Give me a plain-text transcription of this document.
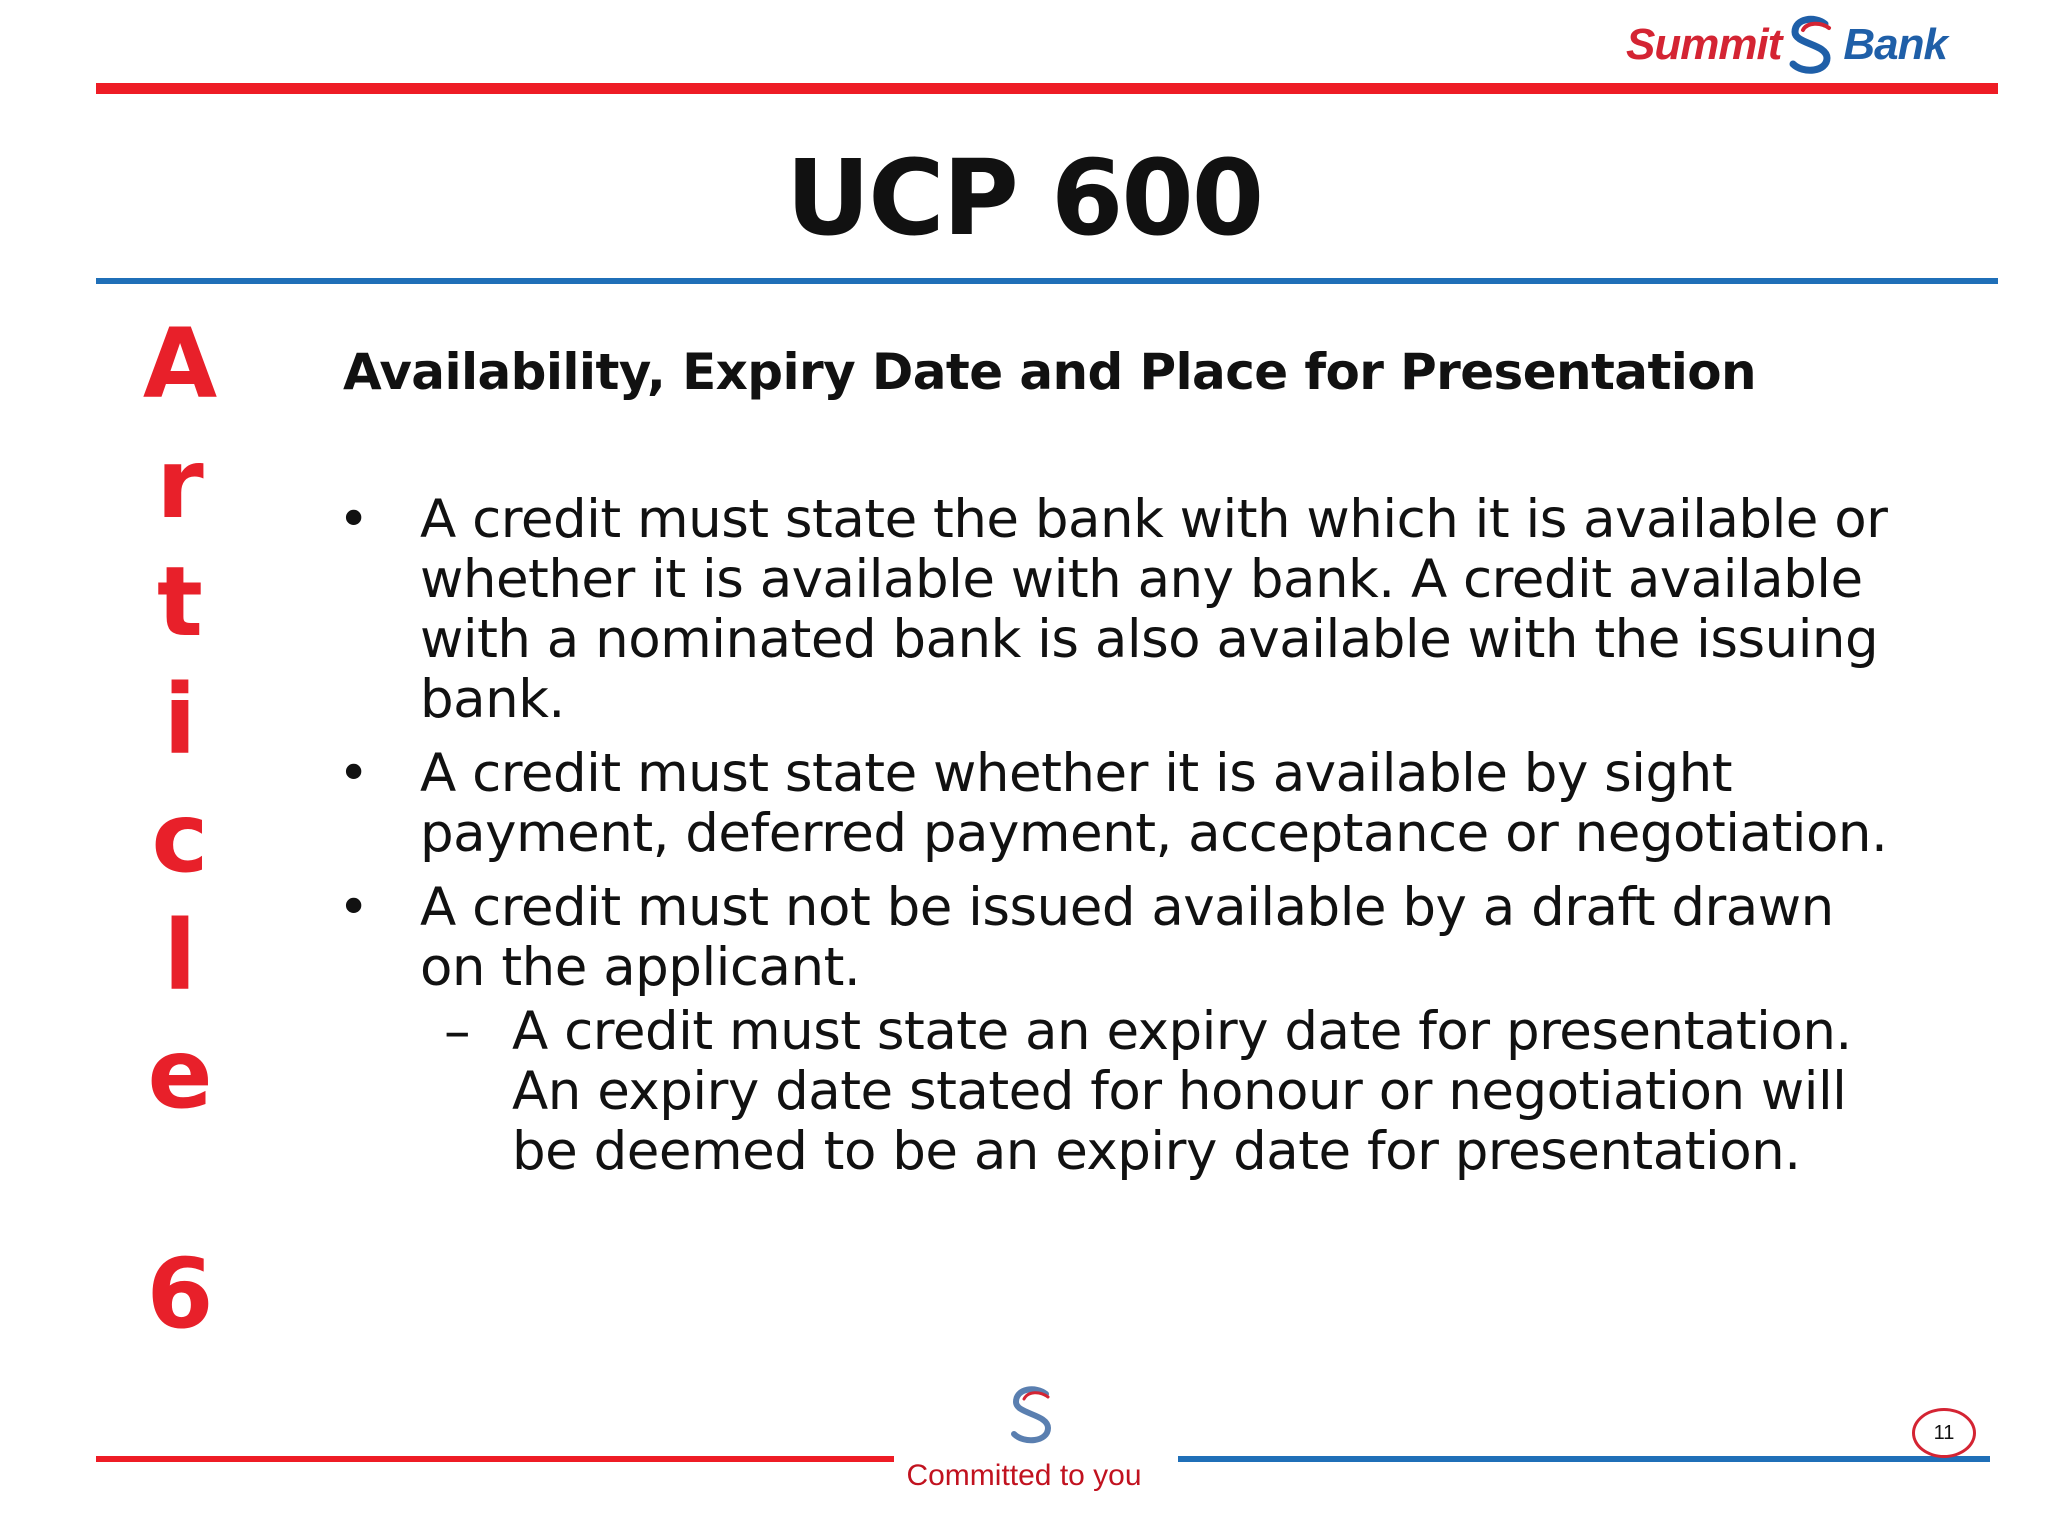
Summit Bank
UCP 600
A
r
t
i
c
l
e
6
Availability, Expiry Date and Place for Presentation
• A credit must state the bank with which it is available or whether it is available with any bank. A credit available with a nominated bank is also available with the issuing bank.
• A credit must state whether it is available by sight payment, deferred payment, acceptance or negotiation.
• A credit must not be issued available by a draft drawn on the applicant.
– A credit must state an expiry date for presentation. An expiry date stated for honour or negotiation will be deemed to be an expiry date for presentation.
Committed to you
11
